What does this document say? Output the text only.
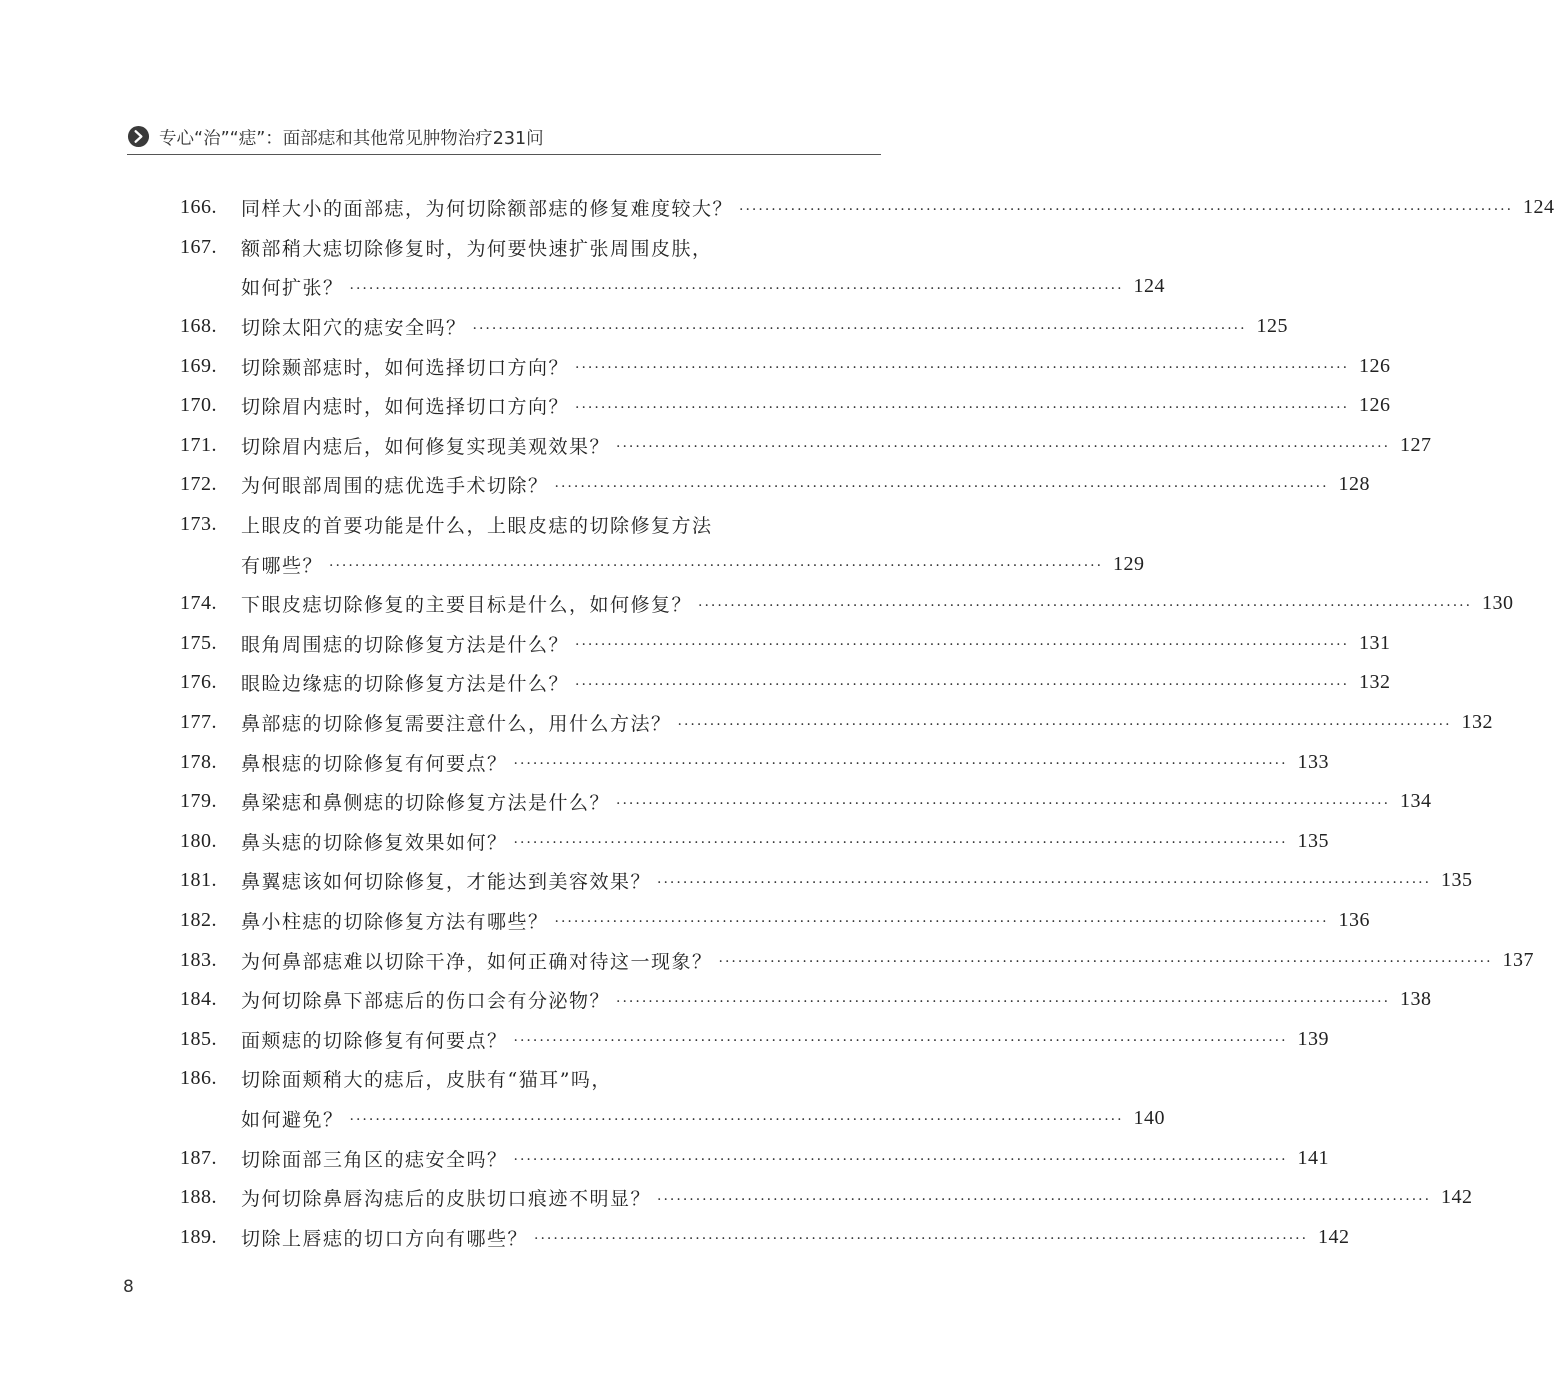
专心“治”“痣”：面部痣和其他常见肿物治疗231问
166.	同样大小的面部痣，为何切除额部痣的修复难度较大？ ························································································································ 124
167.	额部稍大痣切除修复时，为何要快速扩张周围皮肤，
如何扩张？ ························································································································ 124
168.	切除太阳穴的痣安全吗？ ························································································································ 125
169.	切除颞部痣时，如何选择切口方向？ ························································································································ 126
170.	切除眉内痣时，如何选择切口方向？ ························································································································ 126
171.	切除眉内痣后，如何修复实现美观效果？ ························································································································ 127
172.	为何眼部周围的痣优选手术切除？ ························································································································ 128
173.	上眼皮的首要功能是什么，上眼皮痣的切除修复方法
有哪些？ ························································································································ 129
174.	下眼皮痣切除修复的主要目标是什么，如何修复？ ························································································································ 130
175.	眼角周围痣的切除修复方法是什么？ ························································································································ 131
176.	眼睑边缘痣的切除修复方法是什么？ ························································································································ 132
177.	鼻部痣的切除修复需要注意什么，用什么方法？ ························································································································ 132
178.	鼻根痣的切除修复有何要点？ ························································································································ 133
179.	鼻梁痣和鼻侧痣的切除修复方法是什么？ ························································································································ 134
180.	鼻头痣的切除修复效果如何？ ························································································································ 135
181.	鼻翼痣该如何切除修复，才能达到美容效果？ ························································································································ 135
182.	鼻小柱痣的切除修复方法有哪些？ ························································································································ 136
183.	为何鼻部痣难以切除干净，如何正确对待这一现象？ ························································································································ 137
184.	为何切除鼻下部痣后的伤口会有分泌物？ ························································································································ 138
185.	面颊痣的切除修复有何要点？ ························································································································ 139
186.	切除面颊稍大的痣后，皮肤有“猫耳”吗，
如何避免？ ························································································································ 140
187.	切除面部三角区的痣安全吗？ ························································································································ 141
188.	为何切除鼻唇沟痣后的皮肤切口痕迹不明显？ ························································································································ 142
189.	切除上唇痣的切口方向有哪些？ ························································································································ 142
8
